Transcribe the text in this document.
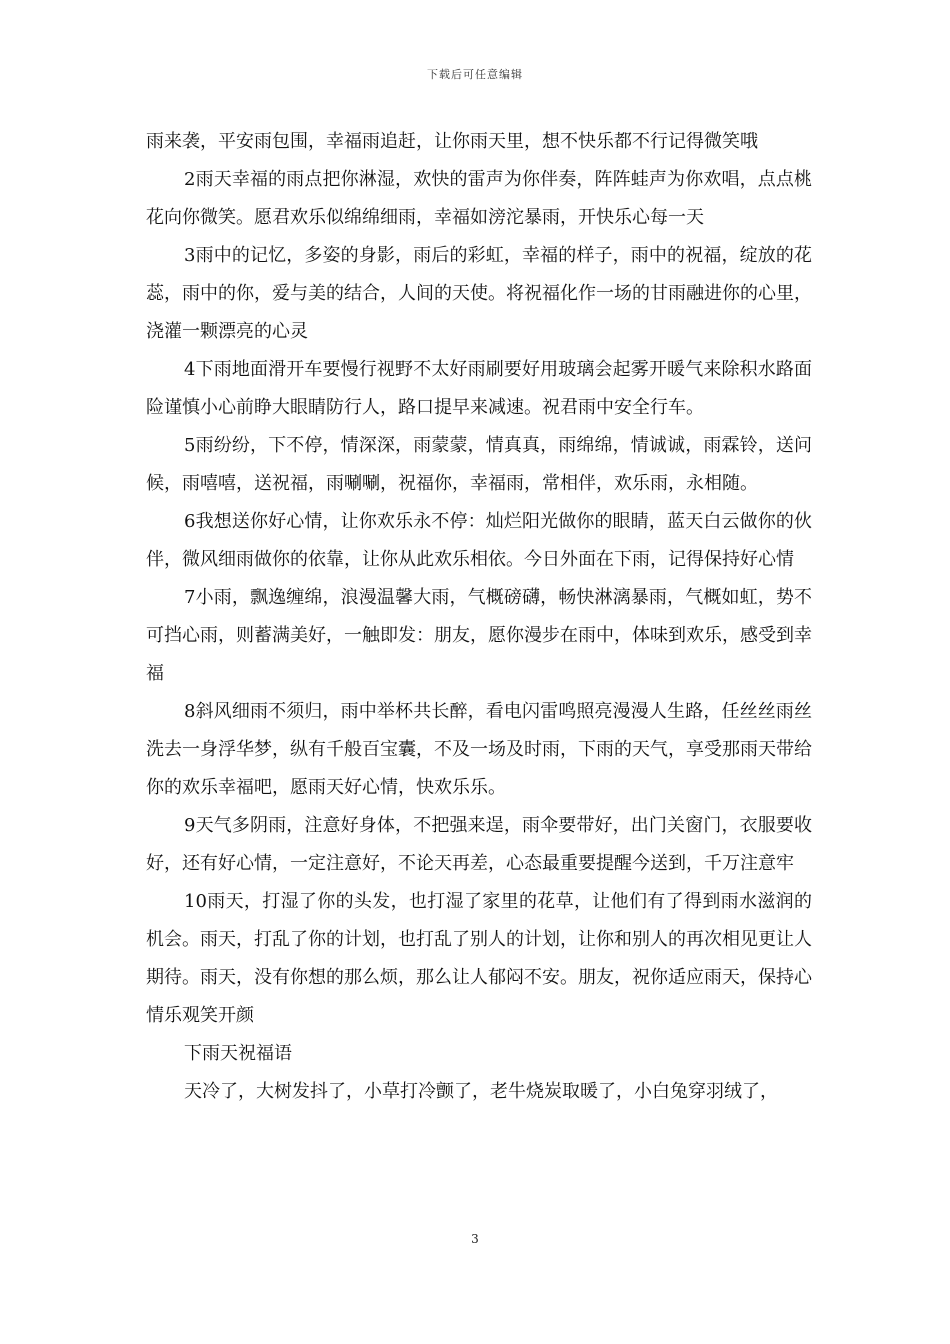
下载后可任意编辑

雨来袭，平安雨包围，幸福雨追赶，让你雨天里，想不快乐都不行记得微笑哦

2雨天幸福的雨点把你淋湿，欢快的雷声为你伴奏，阵阵蛙声为你欢唱，点点桃花向你微笑。愿君欢乐似绵绵细雨，幸福如滂沱暴雨，开快乐心每一天

3雨中的记忆，多姿的身影，雨后的彩虹，幸福的样子，雨中的祝福，绽放的花蕊，雨中的你，爱与美的结合，人间的天使。将祝福化作一场的甘雨融进你的心里，浇灌一颗漂亮的心灵

4下雨地面滑开车要慢行视野不太好雨刷要好用玻璃会起雾开暖气来除积水路面险谨慎小心前睁大眼睛防行人，路口提早来减速。祝君雨中安全行车。

5雨纷纷，下不停，情深深，雨蒙蒙，情真真，雨绵绵，情诚诚，雨霖铃，送问候，雨嘻嘻，送祝福，雨唰唰，祝福你，幸福雨，常相伴，欢乐雨，永相随。

6我想送你好心情，让你欢乐永不停：灿烂阳光做你的眼睛，蓝天白云做你的伙伴，微风细雨做你的依靠，让你从此欢乐相依。今日外面在下雨，记得保持好心情

7小雨，飘逸缠绵，浪漫温馨大雨，气概磅礴，畅快淋漓暴雨，气概如虹，势不可挡心雨，则蓄满美好，一触即发：朋友，愿你漫步在雨中，体味到欢乐，感受到幸福

8斜风细雨不须归，雨中举杯共长醉，看电闪雷鸣照亮漫漫人生路，任丝丝雨丝洗去一身浮华梦，纵有千般百宝囊，不及一场及时雨，下雨的天气，享受那雨天带给你的欢乐幸福吧，愿雨天好心情，快欢乐乐。

9天气多阴雨，注意好身体，不把强来逞，雨伞要带好，出门关窗门，衣服要收好，还有好心情，一定注意好，不论天再差，心态最重要提醒今送到，千万注意牢

10雨天，打湿了你的头发，也打湿了家里的花草，让他们有了得到雨水滋润的机会。雨天，打乱了你的计划，也打乱了别人的计划，让你和别人的再次相见更让人期待。雨天，没有你想的那么烦，那么让人郁闷不安。朋友，祝你适应雨天，保持心情乐观笑开颜

下雨天祝福语

天冷了，大树发抖了，小草打冷颤了，老牛烧炭取暖了，小白兔穿羽绒了，

3
